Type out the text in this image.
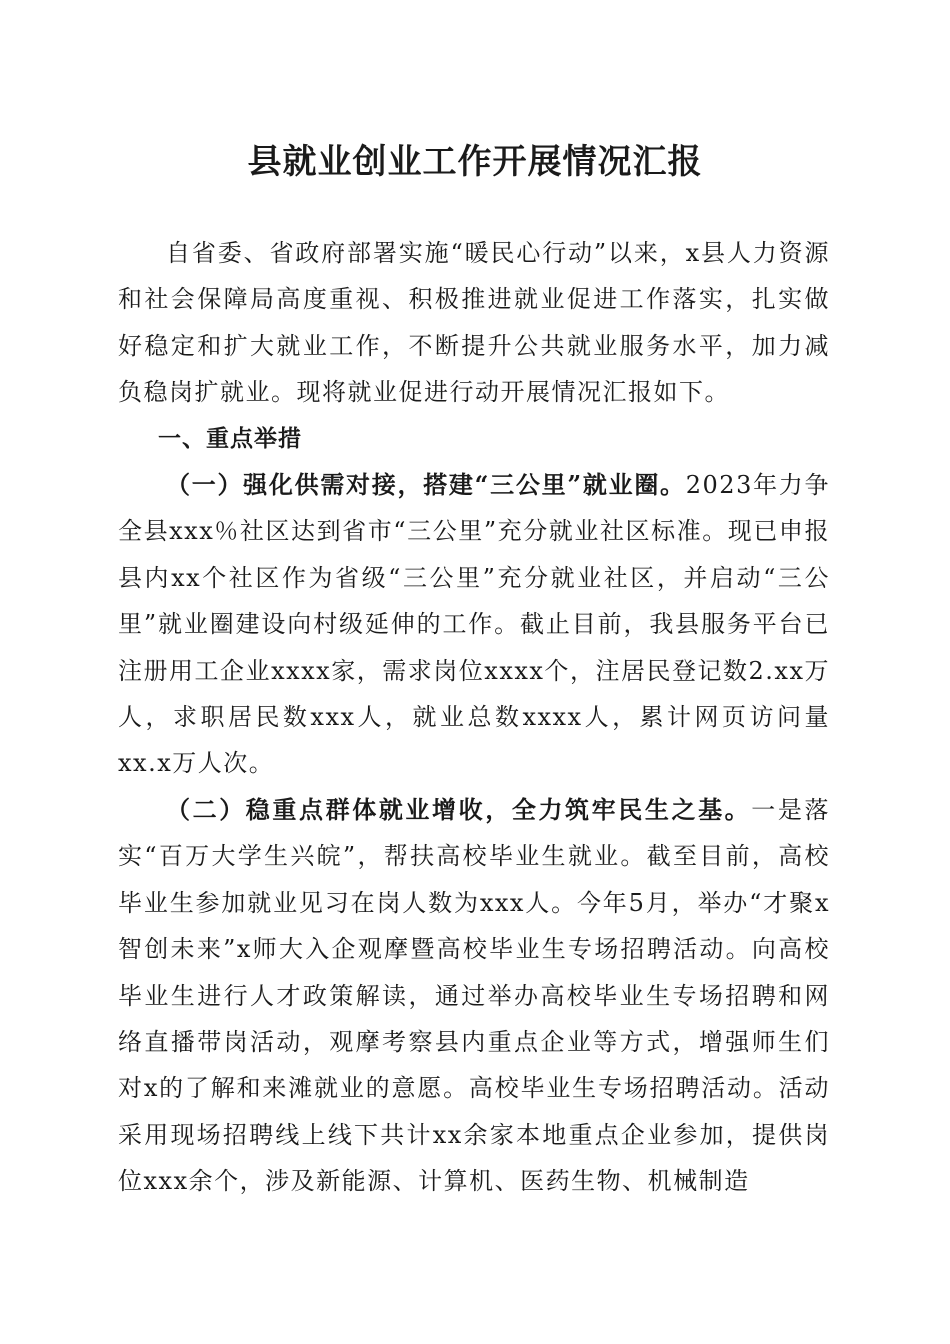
县就业创业工作开展情况汇报

自省委、省政府部署实施“暖民心行动”以来，x县人力资源和社会保障局高度重视、积极推进就业促进工作落实，扎实做好稳定和扩大就业工作，不断提升公共就业服务水平，加力减负稳岗扩就业。现将就业促进行动开展情况汇报如下。

一、重点举措

（一）强化供需对接，搭建“三公里”就业圈。2023年力争全县xxx％社区达到省市“三公里”充分就业社区标准。现已申报县内xx个社区作为省级“三公里”充分就业社区，并启动“三公里”就业圈建设向村级延伸的工作。截止目前，我县服务平台已注册用工企业xxxx家，需求岗位xxxx个，注居民登记数2.xx万人，求职居民数xxx人，就业总数xxxx人，累计网页访问量xx.x万人次。

（二）稳重点群体就业增收，全力筑牢民生之基。一是落实“百万大学生兴皖”，帮扶高校毕业生就业。截至目前，高校毕业生参加就业见习在岗人数为xxx人。今年5月，举办“才聚x智创未来”x师大入企观摩暨高校毕业生专场招聘活动。向高校毕业生进行人才政策解读，通过举办高校毕业生专场招聘和网络直播带岗活动，观摩考察县内重点企业等方式，增强师生们对x的了解和来滩就业的意愿。高校毕业生专场招聘活动。活动采用现场招聘线上线下共计xx余家本地重点企业参加，提供岗位xxx余个，涉及新能源、计算机、医药生物、机械制造
